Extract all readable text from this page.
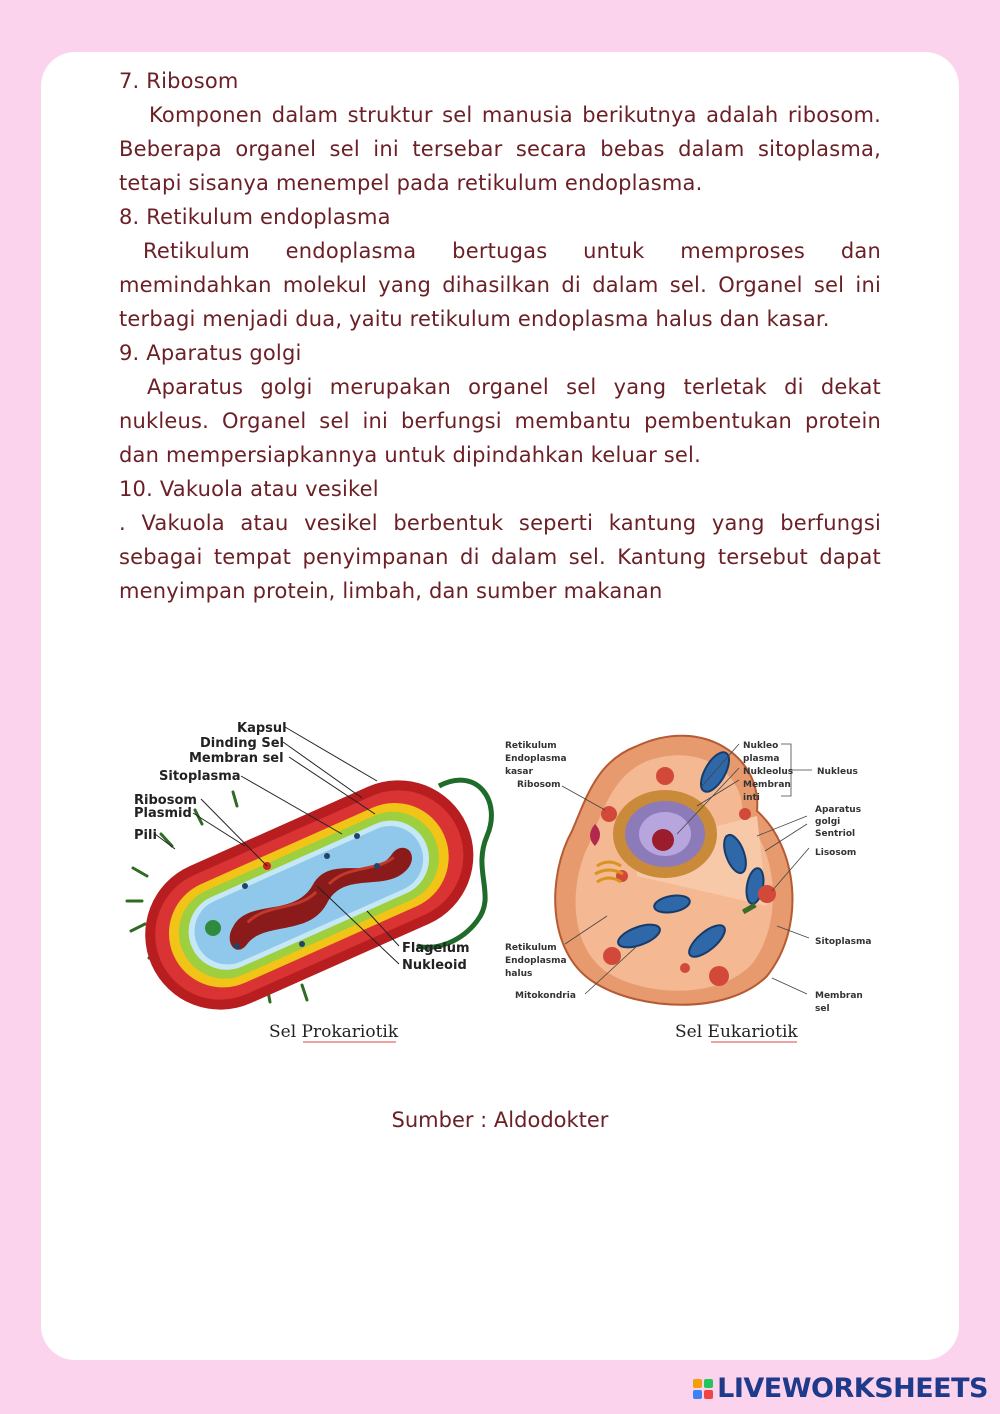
7. Ribosom

Komponen dalam struktur sel manusia berikutnya adalah ribosom. Beberapa organel sel ini tersebar secara bebas dalam sitoplasma, tetapi sisanya menempel pada retikulum endoplasma.

8. Retikulum endoplasma

Retikulum endoplasma bertugas untuk memproses dan memindahkan molekul yang dihasilkan di dalam sel. Organel sel ini terbagi menjadi dua, yaitu retikulum endoplasma halus dan kasar.

9. Aparatus golgi

Aparatus golgi merupakan organel sel yang terletak di dekat nukleus. Organel sel ini berfungsi membantu pembentukan protein dan mempersiapkannya untuk dipindahkan keluar sel.

10. Vakuola atau vesikel

. Vakuola atau vesikel berbentuk seperti kantung yang berfungsi sebagai tempat penyimpanan di dalam sel. Kantung tersebut dapat menyimpan protein, limbah, dan sumber makanan

Kapsul
Dinding Sel
Membran sel
Sitoplasma
Ribosom
Plasmid
Pili
Flagelum
Nukleoid
Sel Prokariotik
Retikulum
Endoplasma
kasar
Ribosom
Nukleo
plasma
Nukleolus
Membran
inti
Nukleus
Aparatus
golgi
Sentriol
Lisosom
Retikulum
Endoplasma
halus
Sitoplasma
Mitokondria	Membran
sel
Sel Eukariotik
Sumber : Aldodokter
LIVEWORKSHEETS
